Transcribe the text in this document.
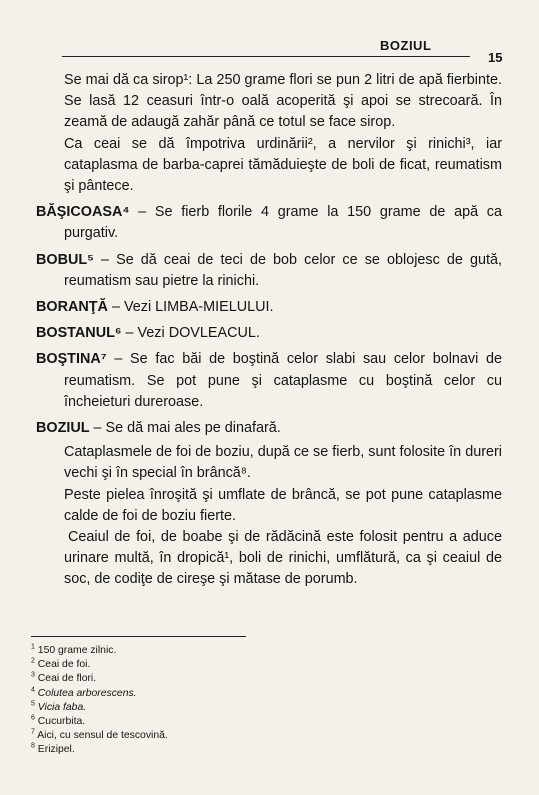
BOZIUL
15

Se mai dă ca sirop¹: La 250 grame flori se pun 2 litri de apă fierbinte. Se lasă 12 ceasuri într-o oală acoperită şi apoi se strecoară. În zeamă de adaugă zahăr până ce totul se face sirop.

Ca ceai se dă împotriva urdinării², a nervilor şi rinichi³, iar cataplasma de barba-caprei tămăduieşte de boli de ficat, reumatism şi pântece.

BĂŞICOASA⁴ – Se fierb florile 4 grame la 150 grame de apă ca purgativ.

BOBUL⁵ – Se dă ceai de teci de bob celor ce se oblojesc de gută, reumatism sau pietre la rinichi.

BORANŢĂ – Vezi LIMBA-MIELULUI.

BOSTANUL⁶ – Vezi DOVLEACUL.

BOŞTINA⁷ – Se fac băi de boştină celor slabi sau celor bolnavi de reumatism. Se pot pune şi cataplasme cu boştină celor cu încheieturi dureroase.

BOZIUL – Se dă mai ales pe dinafară.

Cataplasmele de foi de boziu, după ce se fierb, sunt folosite în dureri vechi şi în special în brâncă⁸.

Peste pielea înroşită şi umflate de brâncă, se pot pune cataplasme calde de foi de boziu fierte.

Ceaiul de foi, de boabe şi de rădăcină este folosit pentru a aduce urinare multă, în dropică¹, boli de rinichi, umflătură, ca şi ceaiul de soc, de codiţe de cireşe şi mătase de porumb.

$^1$ 150 grame zilnic.
$^2$ Ceai de foi.
$^3$ Ceai de flori.
$^4$ Colutea arborescens.
$^5$ Vicia faba.
$^6$ Cucurbita.
$^7$ Aici, cu sensul de tescovină.
$^8$ Erizipel.
